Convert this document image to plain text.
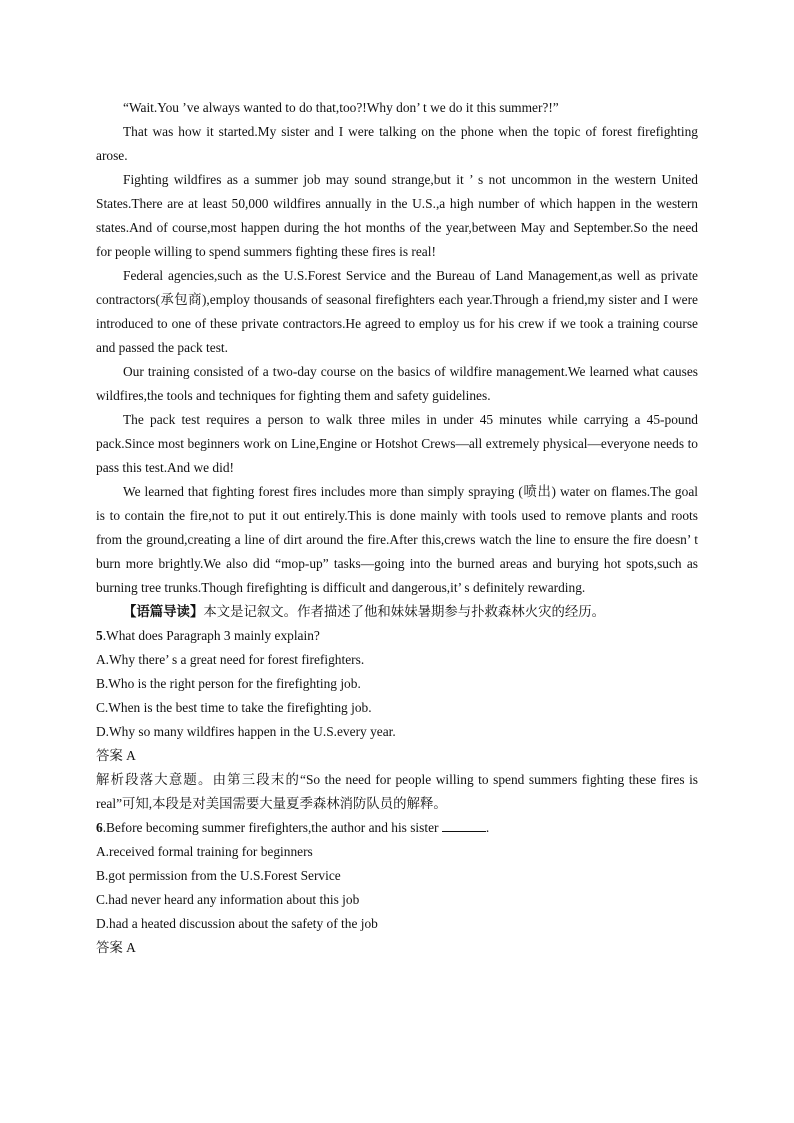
“Wait.You ’ve always wanted to do that,too?!Why don’ t we do it this summer?!”

That was how it started.My sister and I were talking on the phone when the topic of forest firefighting arose.

Fighting wildfires as a summer job may sound strange,but it ’ s not uncommon in the western United States.There are at least 50,000 wildfires annually in the U.S.,a high number of which happen in the western states.And of course,most happen during the hot months of the year,between May and September.So the need for people willing to spend summers fighting these fires is real!

Federal agencies,such as the U.S.Forest Service and the Bureau of Land Management,as well as private contractors(承包商),employ thousands of seasonal firefighters each year.Through a friend,my sister and I were introduced to one of these private contractors.He agreed to employ us for his crew if we took a training course and passed the pack test.

Our training consisted of a two-day course on the basics of wildfire management.We learned what causes wildfires,the tools and techniques for fighting them and safety guidelines.

The pack test requires a person to walk three miles in under 45 minutes while carrying a 45-pound pack.Since most beginners work on Line,Engine or Hotshot Crews—all extremely physical—everyone needs to pass this test.And we did!

We learned that fighting forest fires includes more than simply spraying (喷出) water on flames.The goal is to contain the fire,not to put it out entirely.This is done mainly with tools used to remove plants and roots from the ground,creating a line of dirt around the fire.After this,crews watch the line to ensure the fire doesn’ t burn more brightly.We also did “mop-up” tasks—going into the burned areas and burying hot spots,such as burning tree trunks.Though firefighting is difficult and dangerous,it’ s definitely rewarding.

【语篇导读】本文是记叙文。作者描述了他和妹妹暑期参与扑救森林火灾的经历。

5.What does Paragraph 3 mainly explain?

A.Why there’ s a great need for forest firefighters.

B.Who is the right person for the firefighting job.

C.When is the best time to take the firefighting job.

D.Why so many wildfires happen in the U.S.every year.

答案 A

解析段落大意题。由第三段末的“So the need for people willing to spend summers fighting these fires is real”可知,本段是对美国需要大量夏季森林消防队员的解释。

6.Before becoming summer firefighters,the author and his sister	.

A.received formal training for beginners

B.got permission from the U.S.Forest Service

C.had never heard any information about this job

D.had a heated discussion about the safety of the job

答案 A
